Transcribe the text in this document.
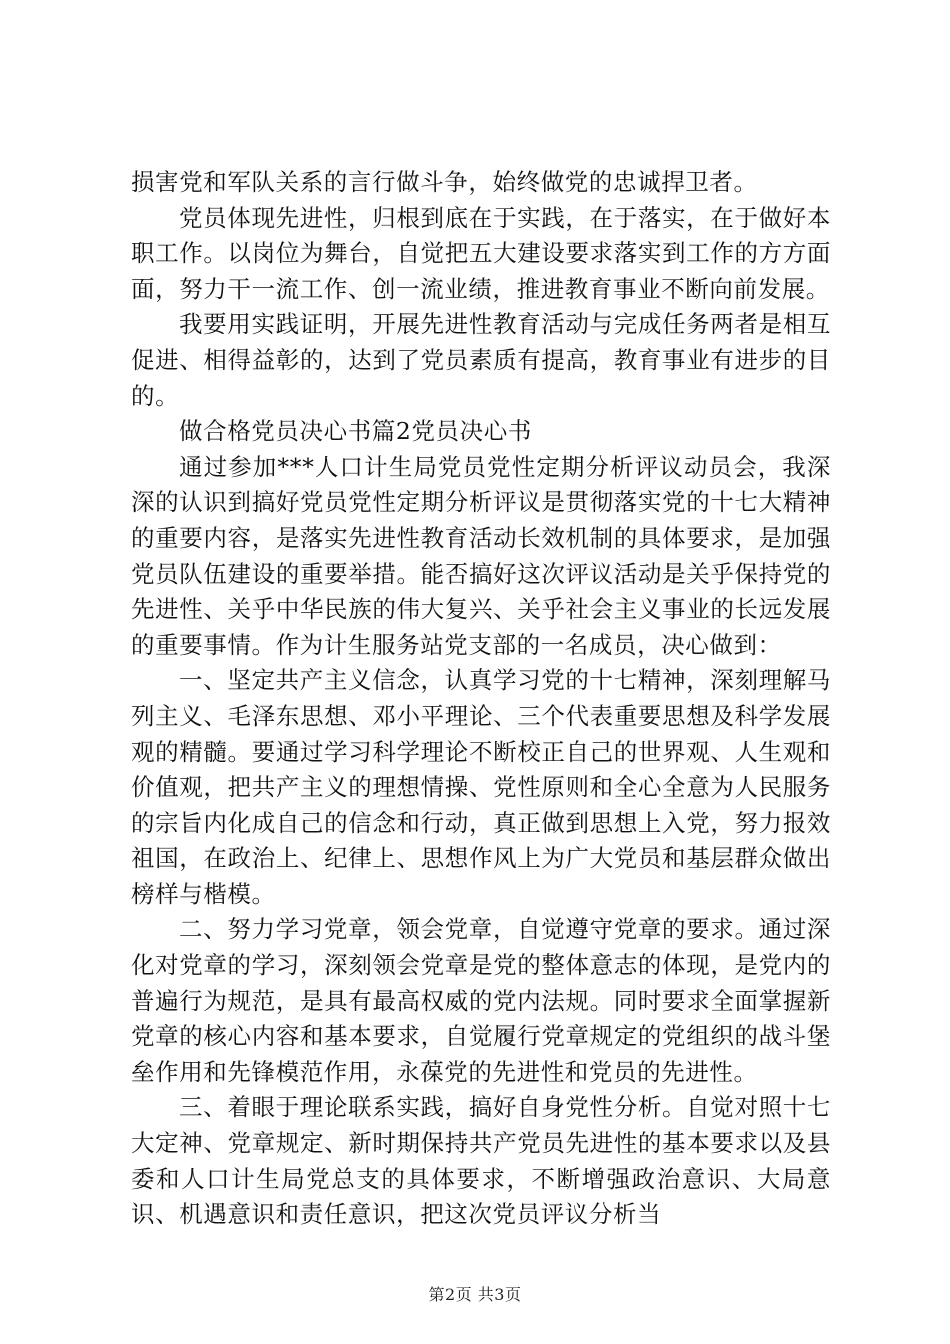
损害党和军队关系的言行做斗争，始终做党的忠诚捍卫者。

党员体现先进性，归根到底在于实践，在于落实，在于做好本职工作。以岗位为舞台，自觉把五大建设要求落实到工作的方方面面，努力干一流工作、创一流业绩，推进教育事业不断向前发展。

我要用实践证明，开展先进性教育活动与完成任务两者是相互促进、相得益彰的，达到了党员素质有提高，教育事业有进步的目的。

做合格党员决心书篇2党员决心书

通过参加***人口计生局党员党性定期分析评议动员会，我深深的认识到搞好党员党性定期分析评议是贯彻落实党的十七大精神的重要内容，是落实先进性教育活动长效机制的具体要求，是加强党员队伍建设的重要举措。能否搞好这次评议活动是关乎保持党的先进性、关乎中华民族的伟大复兴、关乎社会主义事业的长远发展的重要事情。作为计生服务站党支部的一名成员，决心做到：

一、坚定共产主义信念，认真学习党的十七精神，深刻理解马列主义、毛泽东思想、邓小平理论、三个代表重要思想及科学发展观的精髓。要通过学习科学理论不断校正自己的世界观、人生观和价值观，把共产主义的理想情操、党性原则和全心全意为人民服务的宗旨内化成自己的信念和行动，真正做到思想上入党，努力报效祖国，在政治上、纪律上、思想作风上为广大党员和基层群众做出榜样与楷模。

二、努力学习党章，领会党章，自觉遵守党章的要求。通过深化对党章的学习，深刻领会党章是党的整体意志的体现，是党内的普遍行为规范，是具有最高权威的党内法规。同时要求全面掌握新党章的核心内容和基本要求，自觉履行党章规定的党组织的战斗堡垒作用和先锋模范作用，永葆党的先进性和党员的先进性。

三、着眼于理论联系实践，搞好自身党性分析。自觉对照十七大定神、党章规定、新时期保持共产党员先进性的基本要求以及县委和人口计生局党总支的具体要求，不断增强政治意识、大局意识、机遇意识和责任意识，把这次党员评议分析当

第2页 共3页
